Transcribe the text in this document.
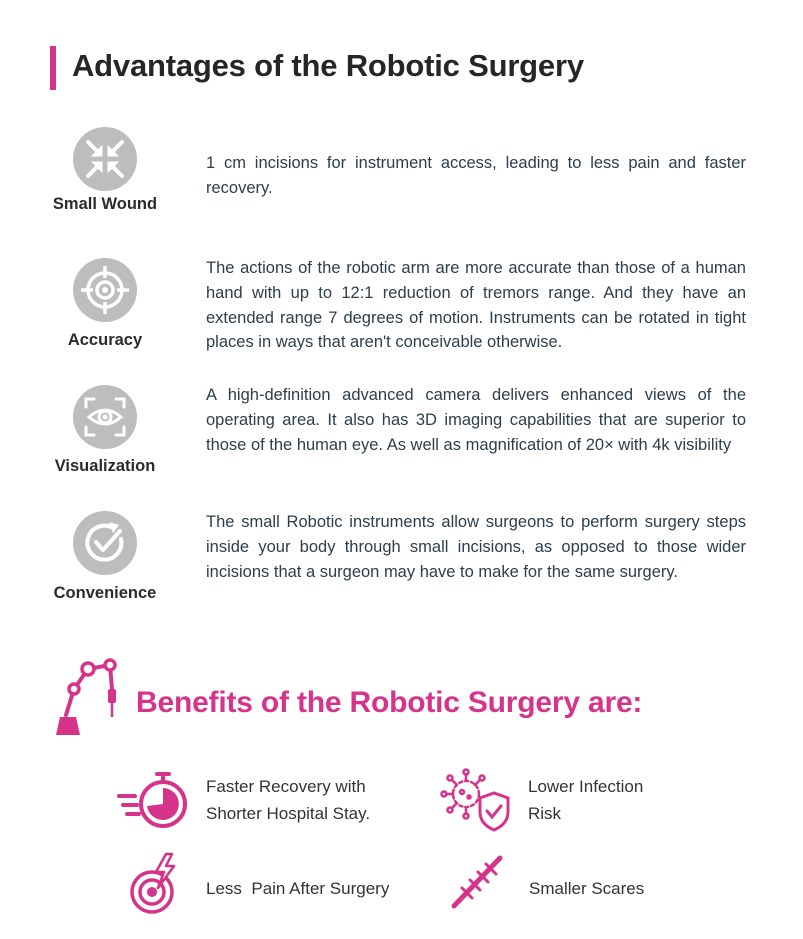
Advantages of the Robotic Surgery
Small Wound
1 cm incisions for instrument access, leading to less pain and faster recovery.
Accuracy
The actions of the robotic arm are more accurate than those of a human hand with up to 12:1 reduction of tremors range. And they have an extended range 7 degrees of motion. Instruments can be rotated in tight places in ways that aren't conceivable otherwise.
Visualization
A high-definition advanced camera delivers enhanced views of the operating area. It also has 3D imaging capabilities that are superior to those of the human eye. As well as magnification of 20× with 4k visibility
Convenience
The small Robotic instruments allow surgeons to perform surgery steps inside your body through small incisions, as opposed to those wider incisions that a surgeon may have to make for the same surgery.
Benefits of the Robotic Surgery are:
Faster Recovery with
Shorter Hospital Stay.
Lower Infection
Risk
Less  Pain After Surgery	Smaller Scares
